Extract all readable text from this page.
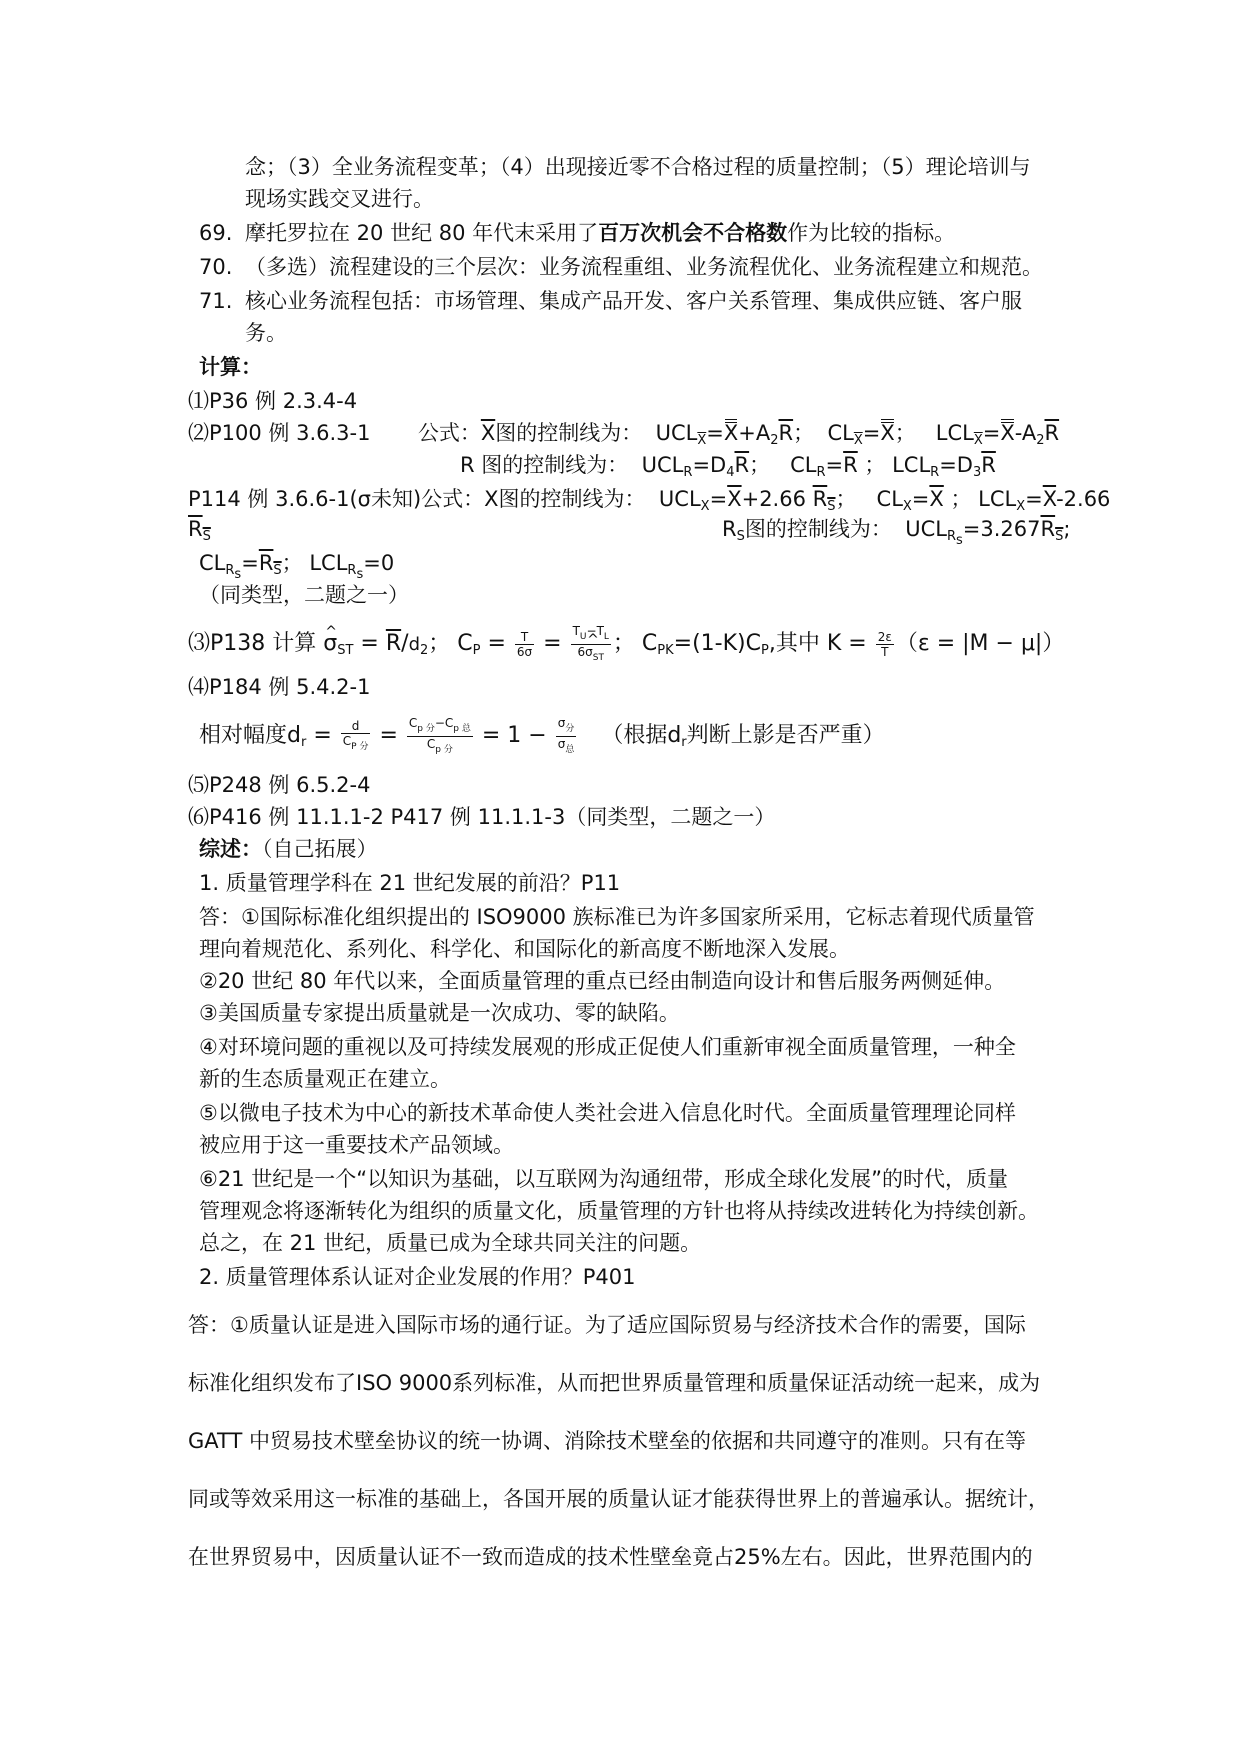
念；（3）全业务流程变革；（4）出现接近零不合格过程的质量控制；（5）理论培训与
现场实践交叉进行。
69. 摩托罗拉在 20 世纪 80 年代末采用了百万次机会不合格数作为比较的指标。
70. （多选）流程建设的三个层次：业务流程重组、业务流程优化、业务流程建立和规范。
71. 核心业务流程包括：市场管理、集成产品开发、客户关系管理、集成供应链、客户服
务。
计算：
⑴P36 例 2.3.4-4
⑵P100 例 3.6.3-1 公式：$\overline{X}$图的控制线为：  $UCL_{\overline{X}}=X+A_2\overline{R}$；  $CL_{\overline{X}}=X$；   $LCL_{\overline{X}}=X-A_2\overline{R}$
R 图的控制线为：  $UCL_R=D_4\overline{R}$；   $CL_R=\overline{R}$ ； $LCL_R=D_3\overline{R}$
P114 例 3.6.6-1(σ未知)公式：X图的控制线为：  $UCL_X=\overline{X}+2.66$ $R_S$；   $CL_X=\overline{X}$ ； $LCL_X=\overline{X}-2.66$
$R_S$	$R_S$图的控制线为：  $UCL_{R_s}=3.267R_S$;
$CL_{R_s}=R_S$； $LCL_{R_s}=0$
（同类型，二题之一）
⑶P138 计算 ^ $\sigma_{ST} = \overline{R}/d_2$； $C_P = \frac{T}{6\sigma} = \frac{T_U-T_L}{6\^{} \sigma_{ST}}$ ； $C_{PK}=(1-K)C_P$,其中 $K = \frac{2\varepsilon}{T} (\varepsilon = |M - \mu|)$
⑷P184 例 5.4.2-1
相对幅度$d_r = \frac{d}{C_{P 分}} = \frac{C_{p 分}-C_{p 总}}{C_{p 分}} = 1 - \frac{\sigma_分}{\sigma_总}$ （根据$d_r$判断上影是否严重）
⑸P248 例 6.5.2-4
⑹P416 例 11.1.1-2 P417 例 11.1.1-3（同类型，二题之一）
综述：（自己拓展）
1. 质量管理学科在 21 世纪发展的前沿？P11
答：①国际标准化组织提出的 ISO9000 族标准已为许多国家所采用，它标志着现代质量管
理向着规范化、系列化、科学化、和国际化的新高度不断地深入发展。
②20 世纪 80 年代以来，全面质量管理的重点已经由制造向设计和售后服务两侧延伸。
③美国质量专家提出质量就是一次成功、零的缺陷。
④对环境问题的重视以及可持续发展观的形成正促使人们重新审视全面质量管理，一种全
新的生态质量观正在建立。
⑤以微电子技术为中心的新技术革命使人类社会进入信息化时代。全面质量管理理论同样
被应用于这一重要技术产品领域。
⑥21 世纪是一个“以知识为基础，以互联网为沟通纽带，形成全球化发展”的时代，质量
管理观念将逐渐转化为组织的质量文化，质量管理的方针也将从持续改进转化为持续创新。
总之，在 21 世纪，质量已成为全球共同关注的问题。
2. 质量管理体系认证对企业发展的作用？P401
答：①质量认证是进入国际市场的通行证。为了适应国际贸易与经济技术合作的需要，国际
标准化组织发布了ISO 9000系列标准，从而把世界质量管理和质量保证活动统一起来，成为
GATT 中贸易技术壁垒协议的统一协调、消除技术壁垒的依据和共同遵守的准则。只有在等
同或等效采用这一标准的基础上，各国开展的质量认证才能获得世界上的普遍承认。据统计，
在世界贸易中，因质量认证不一致而造成的技术性壁垒竟占25%左右。因此，世界范围内的
